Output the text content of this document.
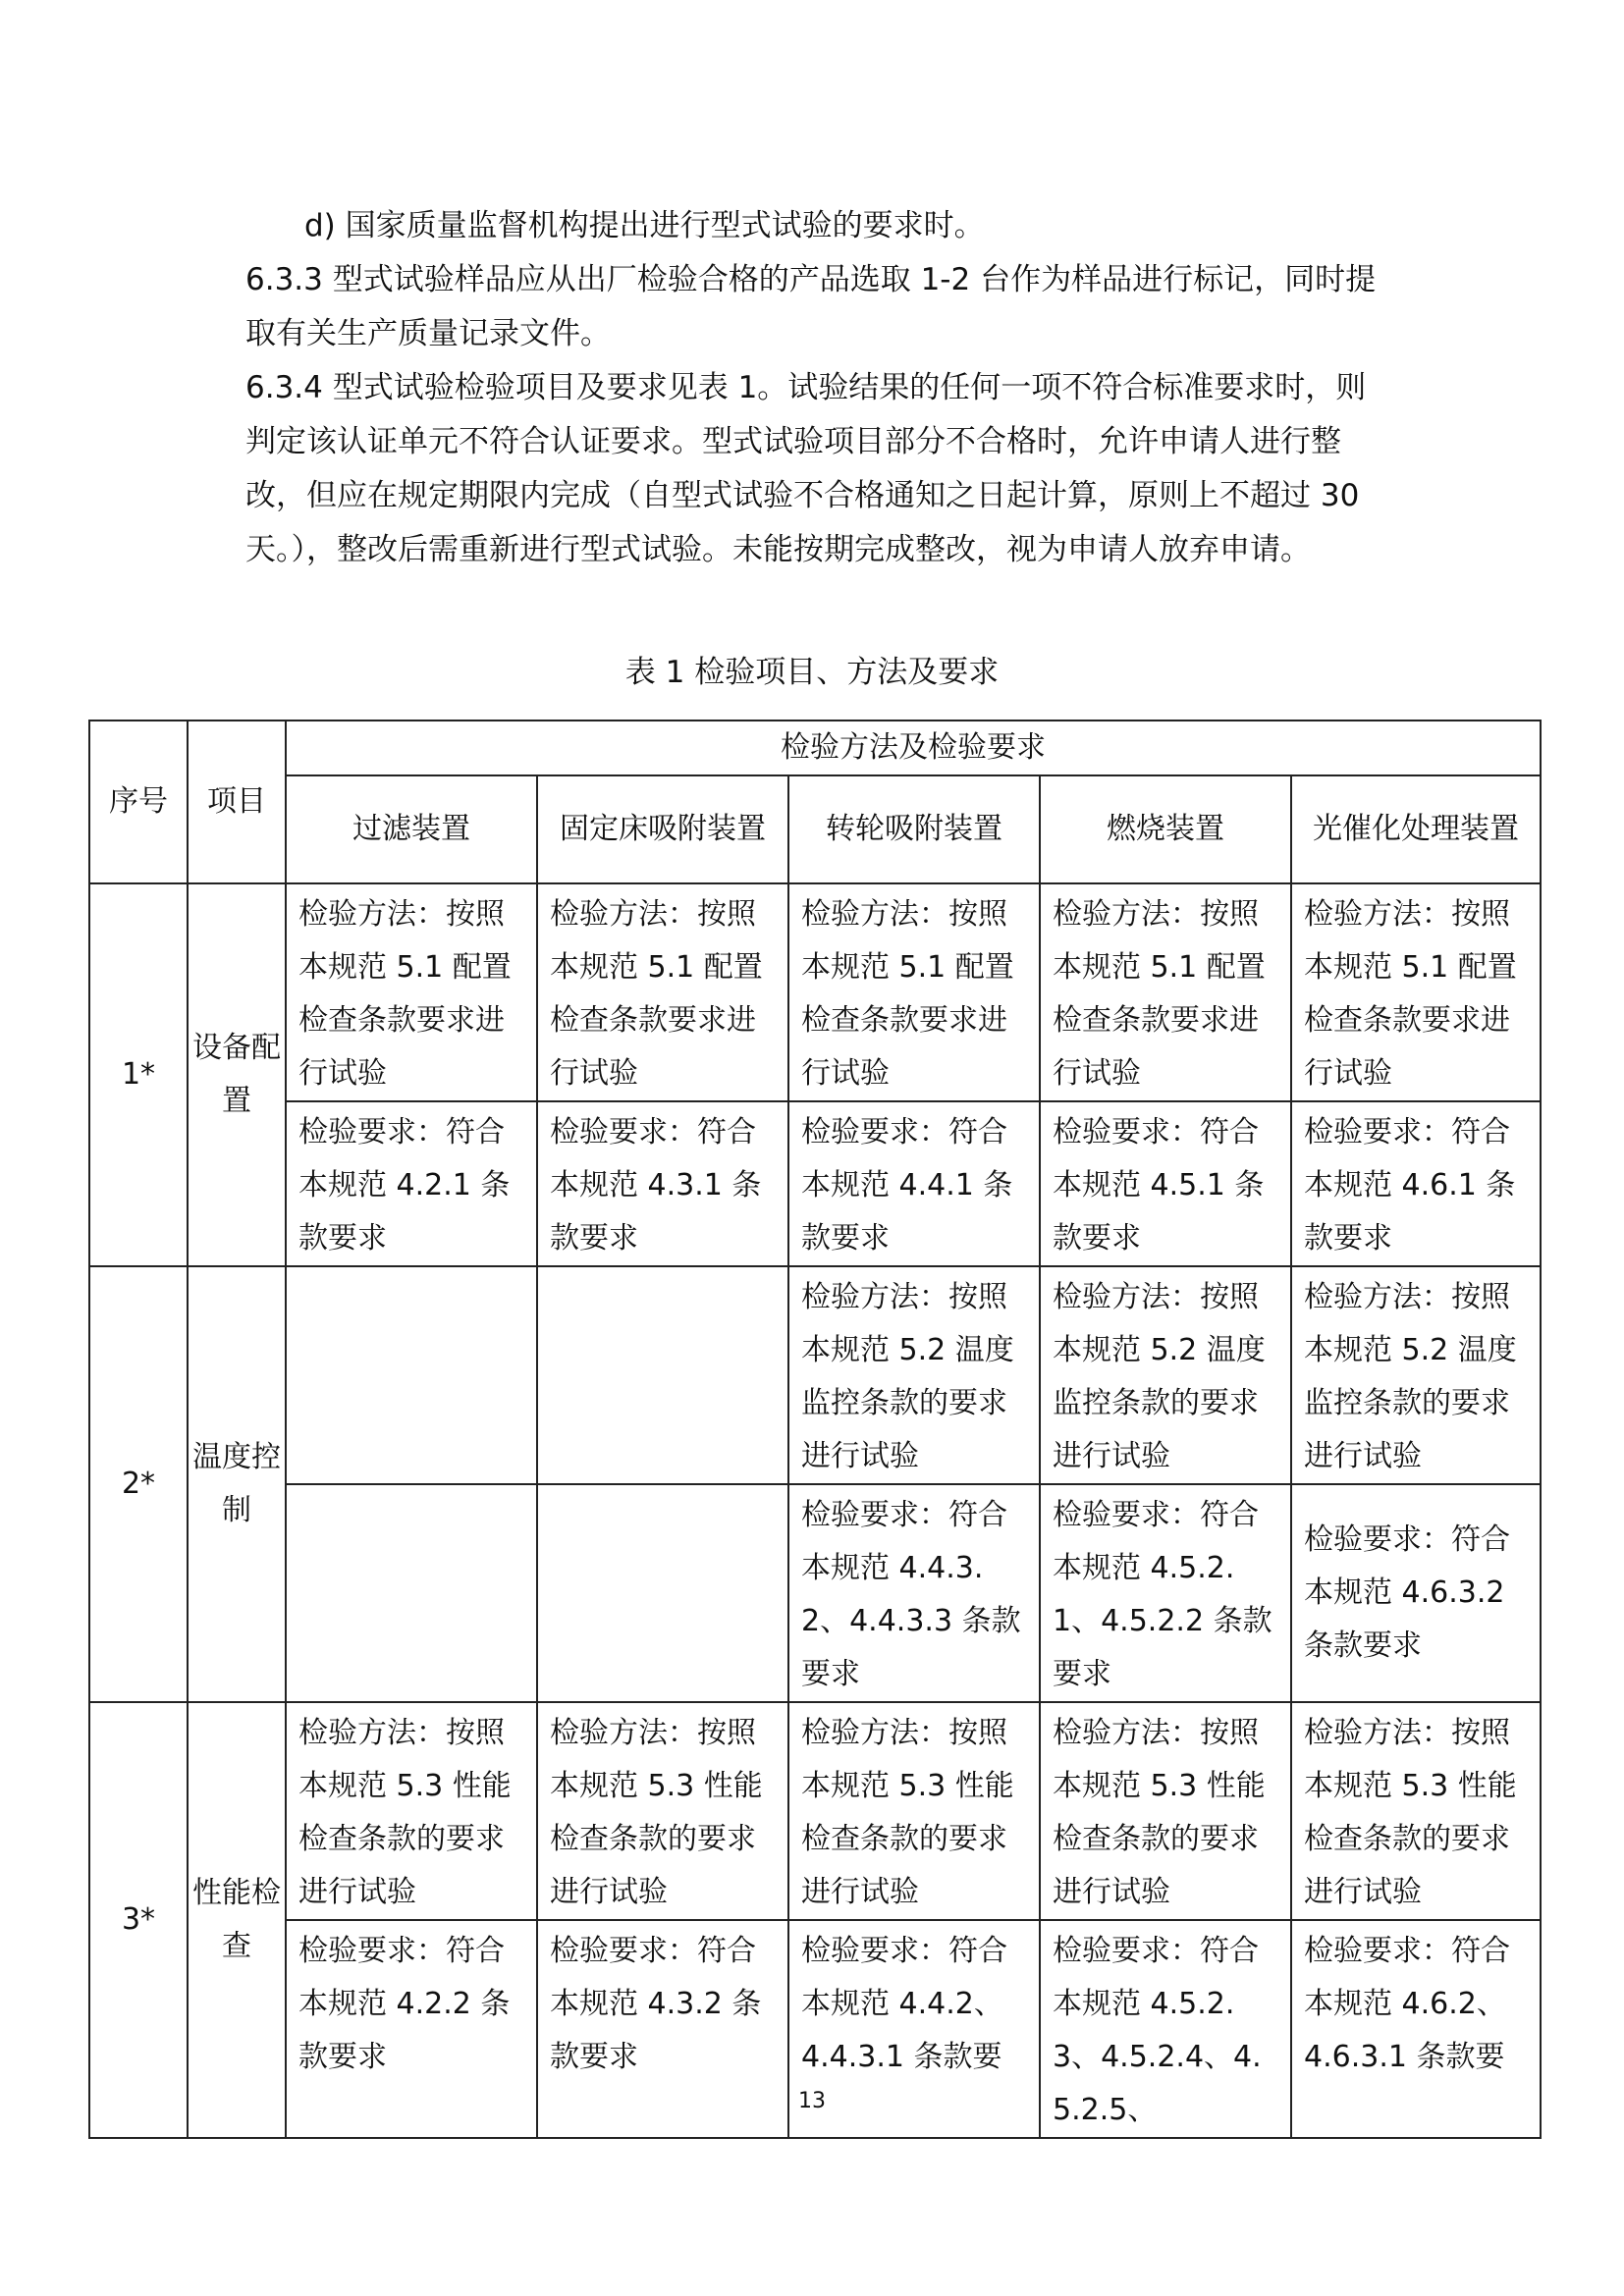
d) 国家质量监督机构提出进行型式试验的要求时。

6.3.3 型式试验样品应从出厂检验合格的产品选取 1-2 台作为样品进行标记，同时提取有关生产质量记录文件。

6.3.4 型式试验检验项目及要求见表 1。试验结果的任何一项不符合标准要求时，则判定该认证单元不符合认证要求。型式试验项目部分不合格时，允许申请人进行整改，但应在规定期限内完成（自型式试验不合格通知之日起计算，原则上不超过 30 天。），整改后需重新进行型式试验。未能按期完成整改，视为申请人放弃申请。

表 1 检验项目、方法及要求
序号	项目	检验方法及检验要求				
		过滤装置	固定床吸附装置	转轮吸附装置	燃烧装置	光催化处理装置
1*	设备配置	检验方法：按照本规范 5.1 配置检查条款要求进行试验	检验方法：按照本规范 5.1 配置检查条款要求进行试验	检验方法：按照本规范 5.1 配置检查条款要求进行试验	检验方法：按照本规范 5.1 配置检查条款要求进行试验	检验方法：按照本规范 5.1 配置检查条款要求进行试验
		检验要求：符合本规范 4.2.1 条款要求	检验要求：符合本规范 4.3.1 条款要求	检验要求：符合本规范 4.4.1 条款要求	检验要求：符合本规范 4.5.1 条款要求	检验要求：符合本规范 4.6.1 条款要求
2*	温度控制			检验方法：按照本规范 5.2 温度监控条款的要求进行试验	检验方法：按照本规范 5.2 温度监控条款的要求进行试验	检验方法：按照本规范 5.2 温度监控条款的要求进行试验
				检验要求：符合本规范 4.4.3.2、4.4.3.3 条款要求	检验要求：符合本规范 4.5.2.1、4.5.2.2 条款要求	检验要求：符合本规范 4.6.3.2 条款要求
3*	性能检查	检验方法：按照本规范 5.3 性能检查条款的要求进行试验	检验方法：按照本规范 5.3 性能检查条款的要求进行试验	检验方法：按照本规范 5.3 性能检查条款的要求进行试验	检验方法：按照本规范 5.3 性能检查条款的要求进行试验	检验方法：按照本规范 5.3 性能检查条款的要求进行试验
		检验要求：符合本规范 4.2.2 条款要求	检验要求：符合本规范 4.3.2 条款要求	检验要求：符合本规范 4.4.2、4.4.3.1 条款要	检验要求：符合本规范 4.5.2.3、4.5.2.4、4.5.2.5、	检验要求：符合本规范 4.6.2、4.6.3.1 条款要
13
